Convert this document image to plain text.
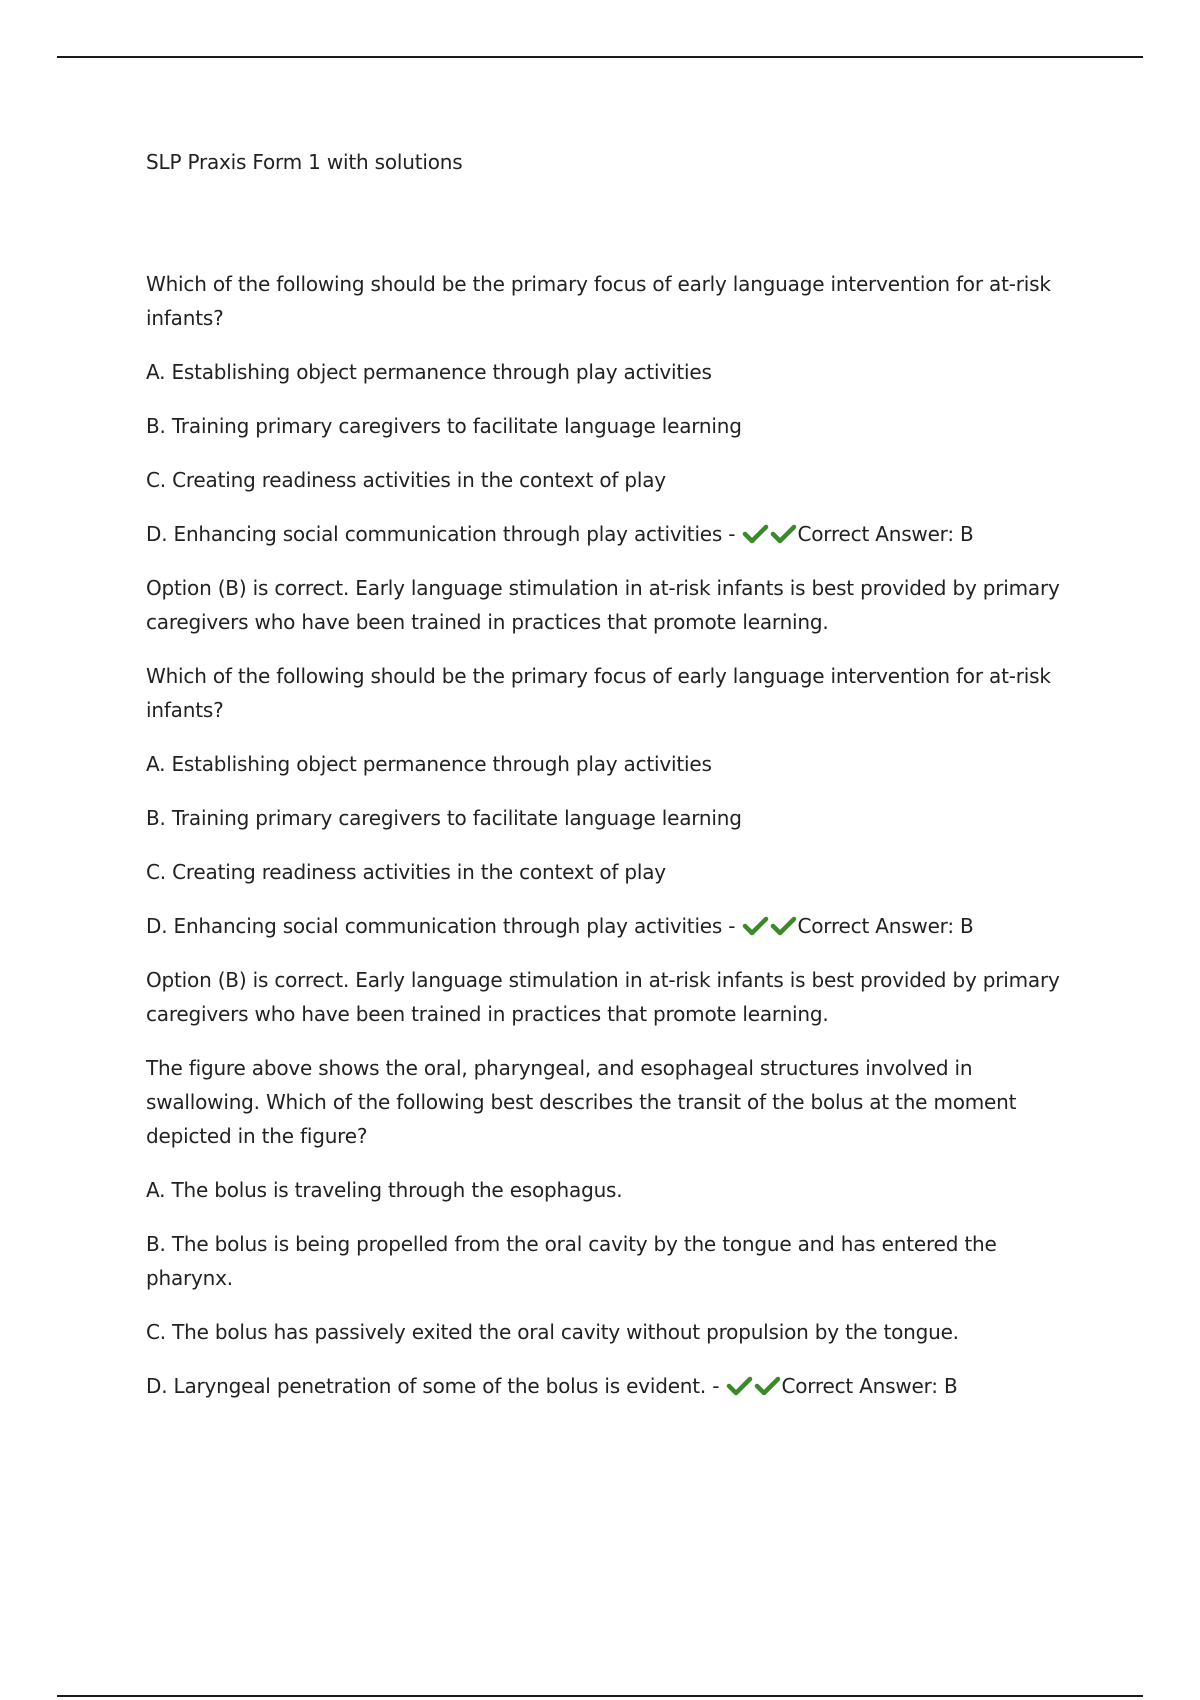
SLP Praxis Form 1 with solutions

Which of the following should be the primary focus of early language intervention for at-risk infants?

A. Establishing object permanence through play activities

B. Training primary caregivers to facilitate language learning

C. Creating readiness activities in the context of play

D. Enhancing social communication through play activities -	Correct Answer: B

Option (B) is correct. Early language stimulation in at-risk infants is best provided by primary caregivers who have been trained in practices that promote learning.

Which of the following should be the primary focus of early language intervention for at-risk infants?

A. Establishing object permanence through play activities

B. Training primary caregivers to facilitate language learning

C. Creating readiness activities in the context of play

D. Enhancing social communication through play activities -	Correct Answer: B

Option (B) is correct. Early language stimulation in at-risk infants is best provided by primary caregivers who have been trained in practices that promote learning.

The figure above shows the oral, pharyngeal, and esophageal structures involved in swallowing. Which of the following best describes the transit of the bolus at the moment depicted in the figure?

A. The bolus is traveling through the esophagus.

B. The bolus is being propelled from the oral cavity by the tongue and has entered the pharynx.

C. The bolus has passively exited the oral cavity without propulsion by the tongue.

D. Laryngeal penetration of some of the bolus is evident. -	Correct Answer: B
